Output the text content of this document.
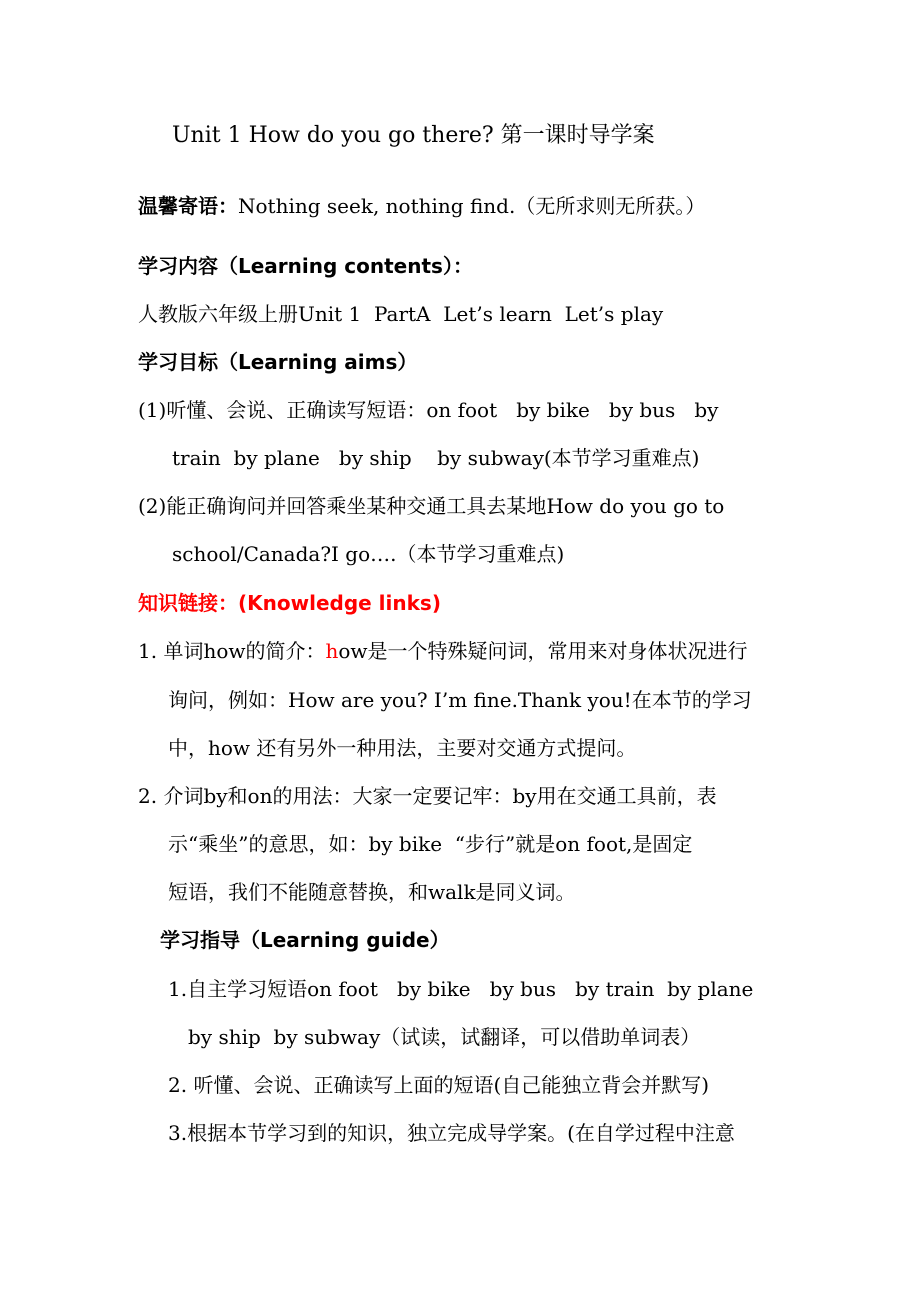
Unit 1 How do you go there? 第一课时导学案
温馨寄语：Nothing seek, nothing find.（无所求则无所获。）
学习内容（Learning contents）：
人教版六年级上册Unit 1  PartA  Let’s learn  Let’s play
学习目标（Learning aims）
(1)听懂、会说、正确读写短语：on foot   by bike   by bus   by
train  by plane   by ship    by subway(本节学习重难点)
(2)能正确询问并回答乘坐某种交通工具去某地How do you go to
school/Canada?I go….（本节学习重难点)
知识链接：(Knowledge links)
1. 单词how的简介：how是一个特殊疑问词，常用来对身体状况进行
询问，例如：How are you? I’m fine.Thank you!在本节的学习
中，how 还有另外一种用法，主要对交通方式提问。
2. 介词by和on的用法：大家一定要记牢：by用在交通工具前，表
示“乘坐”的意思，如：by bike  “步行”就是on foot,是固定
短语，我们不能随意替换，和walk是同义词。
学习指导（Learning guide）
1.自主学习短语on foot   by bike   by bus   by train  by plane
by ship  by subway（试读，试翻译，可以借助单词表）
2. 听懂、会说、正确读写上面的短语(自己能独立背会并默写)
3.根据本节学习到的知识，独立完成导学案。(在自学过程中注意
